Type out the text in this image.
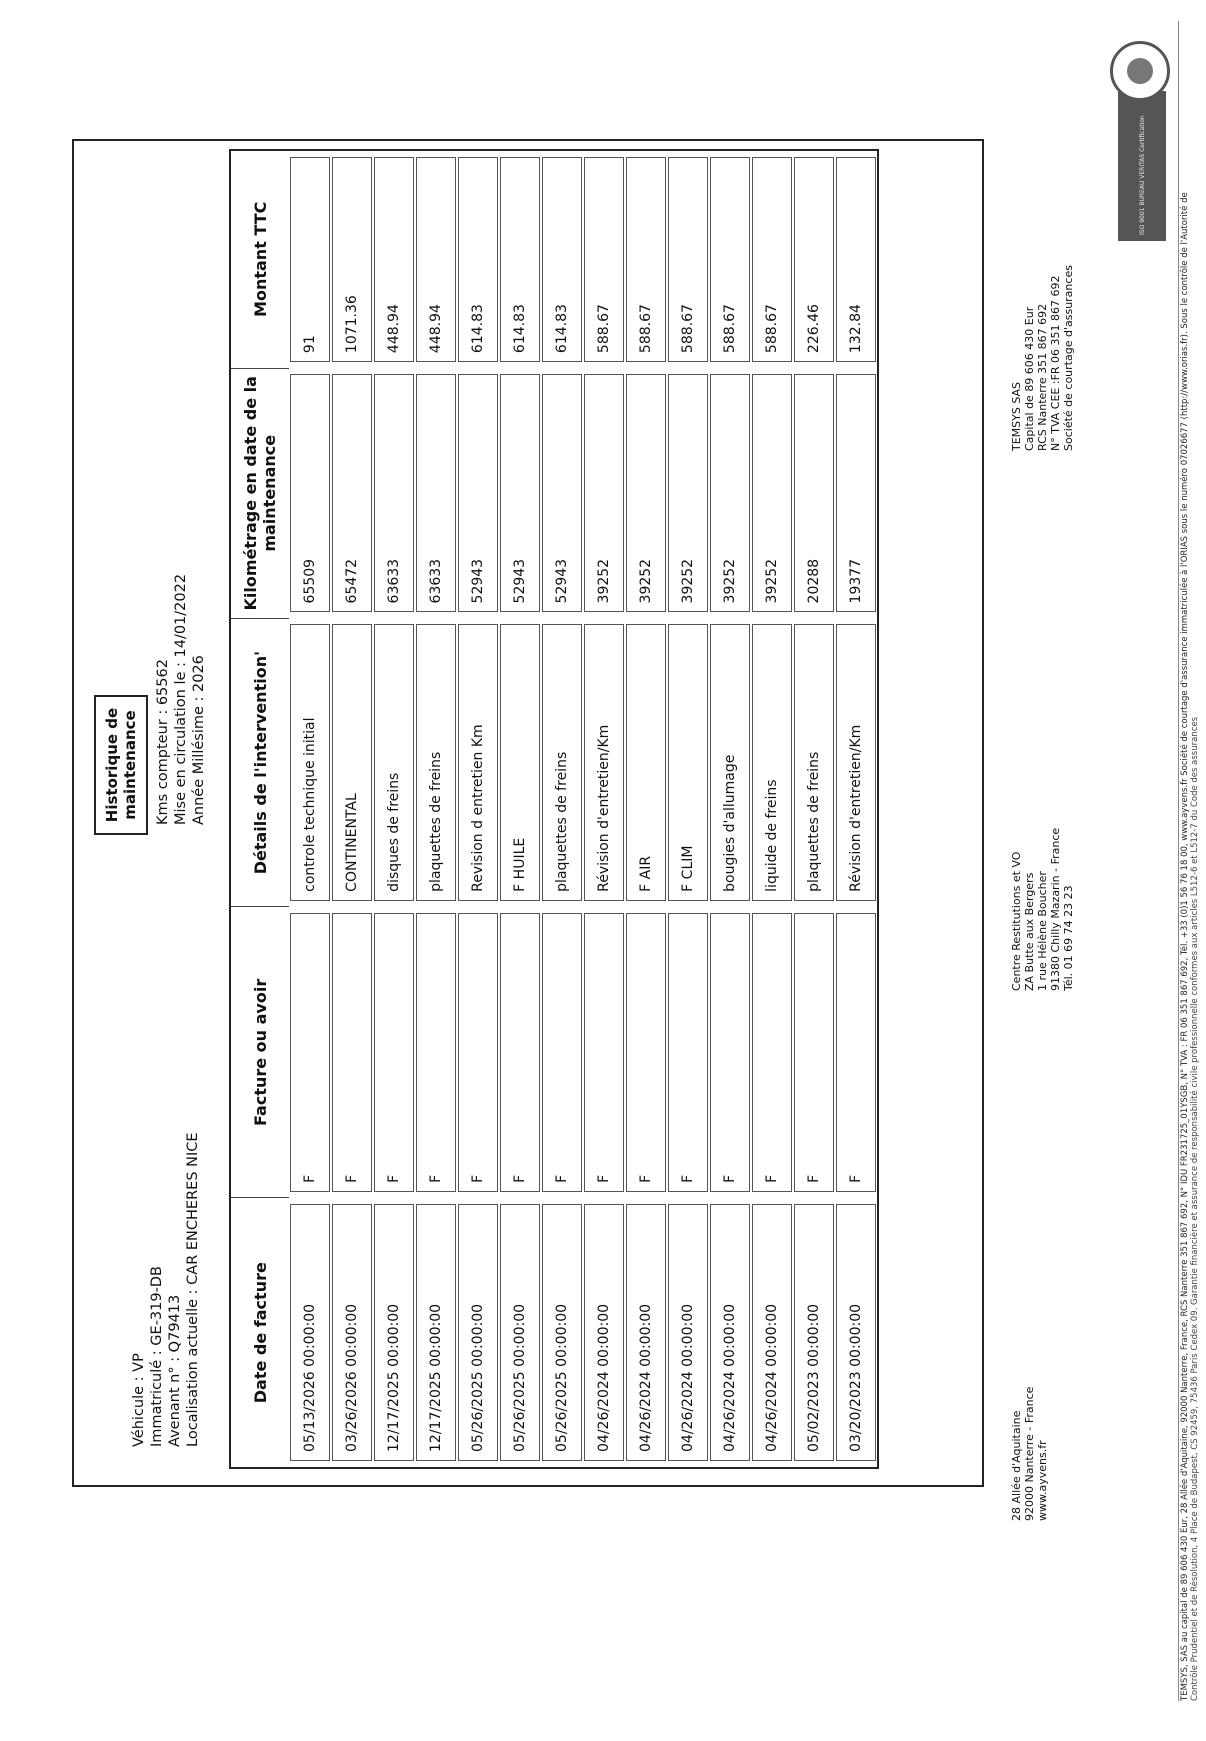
Historique de maintenance
Véhicule : VP Immatriculé : GE-319-DB Avenant n° : Q79413 Localisation actuelle : CAR ENCHERES NICE
Kms compteur : 65562 Mise en circulation le : 14/01/2022 Année Millésime : 2026
Date de facture	Facture ou avoir	Détails de l'intervention'	Kilométrage en date de la maintenance	Montant TTC

05/13/2026 00:00:00	F	controle technique initial	65509	91

03/26/2026 00:00:00	F	CONTINENTAL	65472	1071.36

12/17/2025 00:00:00	F	disques de freins	63633	448.94

12/17/2025 00:00:00	F	plaquettes de freins	63633	448.94

05/26/2025 00:00:00	F	Revision d entretien Km	52943	614.83

05/26/2025 00:00:00	F	F HUILE	52943	614.83

05/26/2025 00:00:00	F	plaquettes de freins	52943	614.83

04/26/2024 00:00:00	F	Révision d'entretien/Km	39252	588.67

04/26/2024 00:00:00	F	F AIR	39252	588.67

04/26/2024 00:00:00	F	F CLIM	39252	588.67

04/26/2024 00:00:00	F	bougies d'allumage	39252	588.67

04/26/2024 00:00:00	F	liquide de freins	39252	588.67

05/02/2023 00:00:00	F	plaquettes de freins	20288	226.46

03/20/2023 00:00:00	F	Révision d'entretien/Km	19377	132.84
28 Allée d'Aquitaine 92000 Nanterre - France www.ayvens.fr
Centre Restitutions et VO ZA Butte aux Bergers 1 rue Hélène Boucher 91380 Chilly Mazarin - France Tél. 01 69 74 23 23
TEMSYS SAS Capital de 89 606 430 Eur RCS Nanterre 351 867 692 N° TVA CEE :FR 06 351 867 692 Société de courtage d'assurances
ISO 9001 BUREAU VERITAS Certification
TEMSYS, SAS au capital de 89 606 430 Eur, 28 Allée d'Aquitaine, 92000 Nanterre, France, RCS Nanterre 351 867 692, N° IDU FR231725_01YSGB, N° TVA : FR 06 351 867 692, Tél. +33 (0)1 56 76 18 00, www.ayvens.fr Société de courtage d'assurance immatriculée à l'ORIAS sous le numéro 07026677 (http://www.orias.fr). Sous le contrôle de l'Autorité de Contrôle Prudentiel et de Résolution, 4 Place de Budapest, CS 92459, 75436 Paris Cedex 09. Garantie financière et assurance de responsabilité civile professionnelle conformes aux articles L512-6 et L512-7 du Code des assurances
